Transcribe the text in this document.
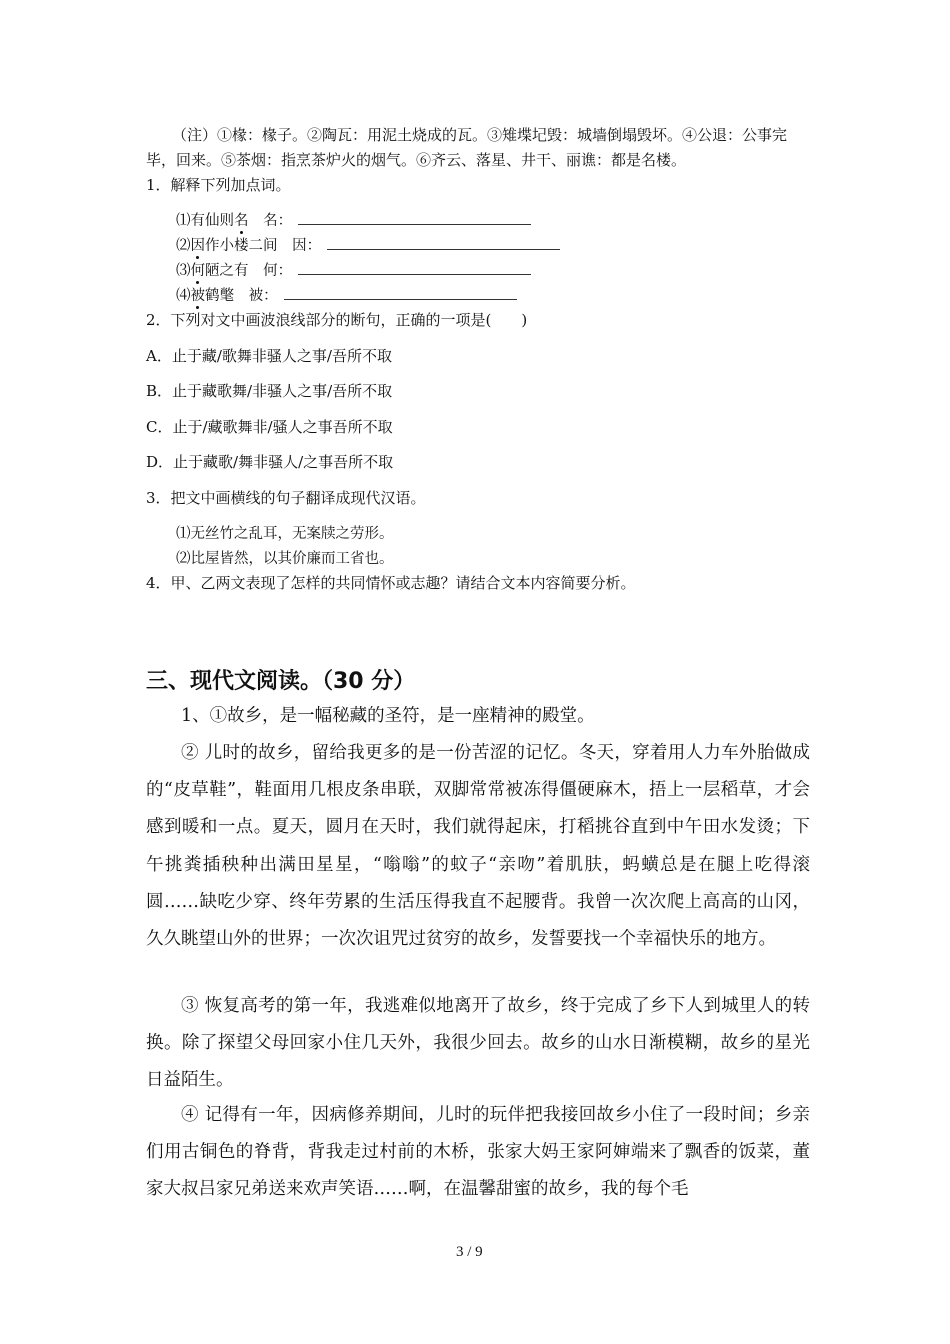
（注）①椽：椽子。②陶瓦：用泥土烧成的瓦。③雉堞圮毁：城墙倒塌毁坏。④公退：公事完
毕，回来。⑤茶烟：指烹茶炉火的烟气。⑥齐云、落星、井干、丽谯：都是名楼。
1．解释下列加点词。
⑴有仙则名 名：
⑵因作小楼二间 因：
⑶何陋之有 何：
⑷被鹤氅 被：
2．下列对文中画波浪线部分的断句，正确的一项是(　　)
A．止于藏/歌舞非骚人之事/吾所不取
B．止于藏歌舞/非骚人之事/吾所不取
C．止于/藏歌舞非/骚人之事吾所不取
D．止于藏歌/舞非骚人/之事吾所不取
3．把文中画横线的句子翻译成现代汉语。
⑴无丝竹之乱耳，无案牍之劳形。
⑵比屋皆然，以其价廉而工省也。
4．甲、乙两文表现了怎样的共同情怀或志趣？请结合文本内容简要分析。
三、现代文阅读。（30 分）
1、①故乡，是一幅秘藏的圣符，是一座精神的殿堂。
② 儿时的故乡，留给我更多的是一份苦涩的记忆。冬天，穿着用人力车外胎做成的“皮草鞋”，鞋面用几根皮条串联，双脚常常被冻得僵硬麻木，捂上一层稻草，才会感到暖和一点。夏天，圆月在天时，我们就得起床，打稻挑谷直到中午田水发烫；下午挑粪插秧种出满田星星，“嗡嗡”的蚊子“亲吻”着肌肤，蚂蟥总是在腿上吃得滚圆……缺吃少穿、终年劳累的生活压得我直不起腰背。我曾一次次爬上高高的山冈，久久眺望山外的世界；一次次诅咒过贫穷的故乡，发誓要找一个幸福快乐的地方。
③ 恢复高考的第一年，我逃难似地离开了故乡，终于完成了乡下人到城里人的转换。除了探望父母回家小住几天外，我很少回去。故乡的山水日渐模糊，故乡的星光日益陌生。
④ 记得有一年，因病修养期间，儿时的玩伴把我接回故乡小住了一段时间；乡亲们用古铜色的脊背，背我走过村前的木桥，张家大妈王家阿婶端来了飘香的饭菜，董家大叔吕家兄弟送来欢声笑语……啊，在温馨甜蜜的故乡，我的每个毛
3 / 9
